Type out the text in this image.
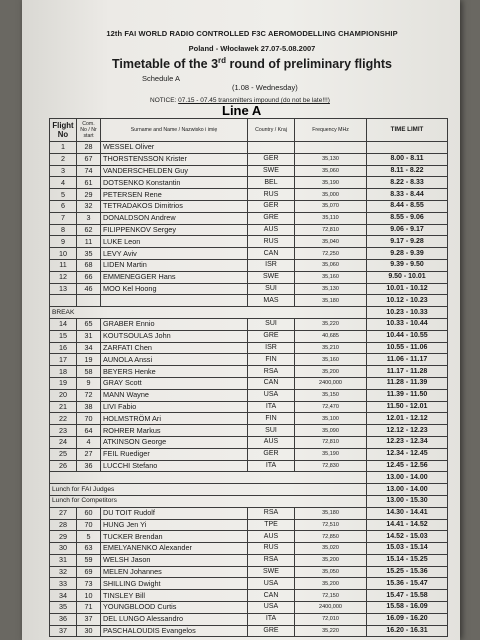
12th FAI WORLD RADIO CONTROLLED F3C AEROMODELLING CHAMPIONSHIP
Poland - Włocławek 27.07-5.08.2007
Timetable of the 3rd round of preliminary flights
Schedule A
(1.08 - Wednesday)
NOTICE: 07.15 - 07.45 transmitters impound (do not be late!!!)
Line A
Flight No	Com. No / Nr start	Surname and Name / Nazwisko i imię	Country / Kraj	Frequency MHz	TIME LIMIT
1	28	WESSEL Oliver			
2	67	THORSTENSSON Krister	GER	35,130	8.00 - 8.11
3	74	VANDERSCHELDEN Guy	SWE	35,060	8.11 - 8.22
4	61	DOTSENKO Konstantin	BEL	35,190	8.22 - 8.33
5	29	PETERSEN Rene	RUS	35,000	8.33 - 8.44
6	32	TETRADAKOS Dimitrios	GER	35,070	8.44 - 8.55
7	3	DONALDSON Andrew	GRE	35,110	8.55 - 9.06
8	62	FILIPPENKOV Sergey	AUS	72,810	9.06 - 9.17
9	11	LUKE Leon	RUS	35,040	9.17 - 9.28
10	35	LEVY Aviv	CAN	72,250	9.28 - 9.39
11	68	LIDEN Martin	ISR	35,060	9.39 - 9.50
12	66	EMMENEGGER Hans	SWE	35,160	9.50 - 10.01
13	46	MOO Kel Hoong	SUI	35,130	10.01 - 10.12
			MAS	35,180	10.12 - 10.23
BREAK					10.23 - 10.33
14	65	GRABER Ennio	SUI	35,220	10.33 - 10.44
15	31	KOUTSOULAS John	GRE	40,685	10.44 - 10.55
16	34	ZARFATI Chen	ISR	35,210	10.55 - 11.06
17	19	AUNOLA Anssi	FIN	35,160	11.06 - 11.17
18	58	BEYERS Henke	RSA	35,200	11.17 - 11.28
19	9	GRAY Scott	CAN	2400,000	11.28 - 11.39
20	72	MANN Wayne	USA	35,150	11.39 - 11.50
21	38	LIVI Fabio	ITA	72,470	11.50 - 12.01
22	70	HOLMSTRÖM Ari	FIN	35,100	12.01 - 12.12
23	64	ROHRER Markus	SUI	35,090	12.12 - 12.23
24	4	ATKINSON George	AUS	72,810	12.23 - 12.34
25	27	FEIL Ruediger	GER	35,190	12.34 - 12.45
26	36	LUCCHI Stefano	ITA	72,830	12.45 - 12.56
					13.00 - 14.00
Lunch for FAI Judges					13.00 - 14.00
Lunch for Competitors					13.00 - 15.30
27	60	DU TOIT Rudolf	RSA	35,180	14.30 - 14.41
28	70	HUNG Jen Yi	TPE	72,510	14.41 - 14.52
29	5	TUCKER Brendan	AUS	72,850	14.52 - 15.03
30	63	EMELYANENKO Alexander	RUS	35,020	15.03 - 15.14
31	59	WELSH Jason	RSA	35,200	15.14 - 15.25
32	69	MELEN Johannes	SWE	35,050	15.25 - 15.36
33	73	SHILLING Dwight	USA	35,200	15.36 - 15.47
34	10	TINSLEY Bill	CAN	72,150	15.47 - 15.58
35	71	YOUNGBLOOD Curtis	USA	2400,000	15.58 - 16.09
36	37	DEL LUNGO Alessandro	ITA	72,010	16.09 - 16.20
37	30	PASCHALOUDIS Evangelos	GRE	35,220	16.20 - 16.31
